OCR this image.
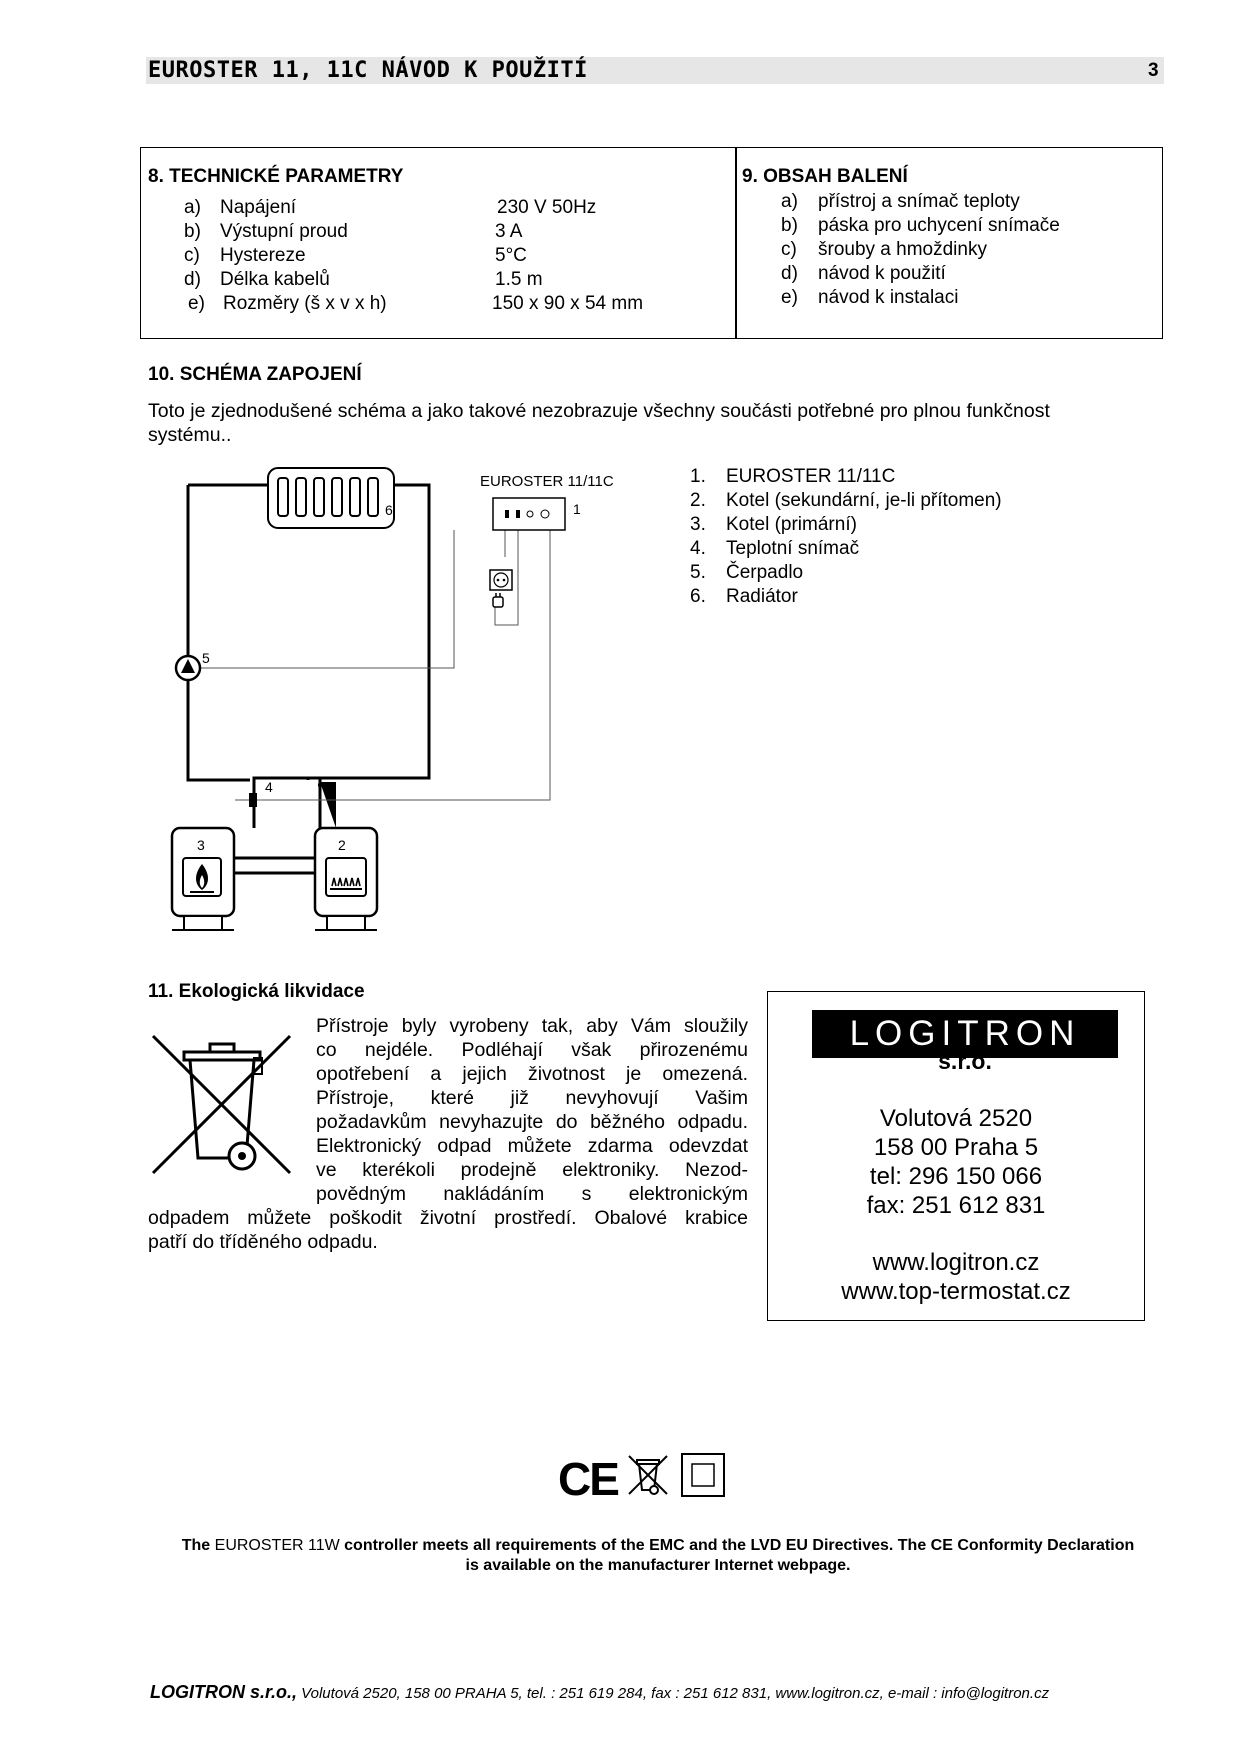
EUROSTER 11, 11C NÁVOD K POUŽITÍ	3
8. TECHNICKÉ PARAMETRY
a) Napájení	230 V 50Hz
b) Výstupní proud	3 A
c) Hystereze	5°C
d) Délka kabelů	1.5 m
e) Rozměry (š x v x h)	150 x 90 x 54 mm
9. OBSAH BALENÍ
a) přístroj a snímač teploty
b) páska pro uchycení snímače
c) šrouby a hmoždinky
d) návod k použití
e) návod k instalaci
10. SCHÉMA ZAPOJENÍ
Toto je zjednodušené schéma a jako takové nezobrazuje všechny součásti potřebné pro plnou funkčnost systému..
6
EUROSTER 11/11C
1
5
4
3	2
1. EUROSTER 11/11C
2. Kotel (sekundární, je-li přítomen)
3. Kotel (primární)
4. Teplotní snímač
5. Čerpadlo
6. Radiátor
11. Ekologická likvidace
Přístroje byly vyrobeny tak, aby Vám sloužily
co nejdéle. Podléhají však přirozenému
opotřebení a jejich životnost je omezená.
Přístroje, které již nevyhovují Vašim
požadavkům nevyhazujte do běžného odpadu.
Elektronický odpad můžete zdarma odevzdat
ve kterékoli prodejně elektroniky. Nezod-
povědným nakládáním s elektronickým
odpadem můžete poškodit životní prostředí. Obalové krabice
patří do tříděného odpadu.
LOGITRON
s.r.o.
Volutová 2520
158 00 Praha 5
tel: 296 150 066
fax: 251 612 831
www.logitron.cz
www.top-termostat.cz
CE
The EUROSTER 11W controller meets all requirements of the EMC and the LVD EU Directives. The CE Conformity Declaration
is available on the manufacturer Internet webpage.
LOGITRON s.r.o., Volutová 2520, 158 00 PRAHA 5, tel. : 251 619 284, fax : 251 612 831, www.logitron.cz, e-mail : info@logitron.cz
